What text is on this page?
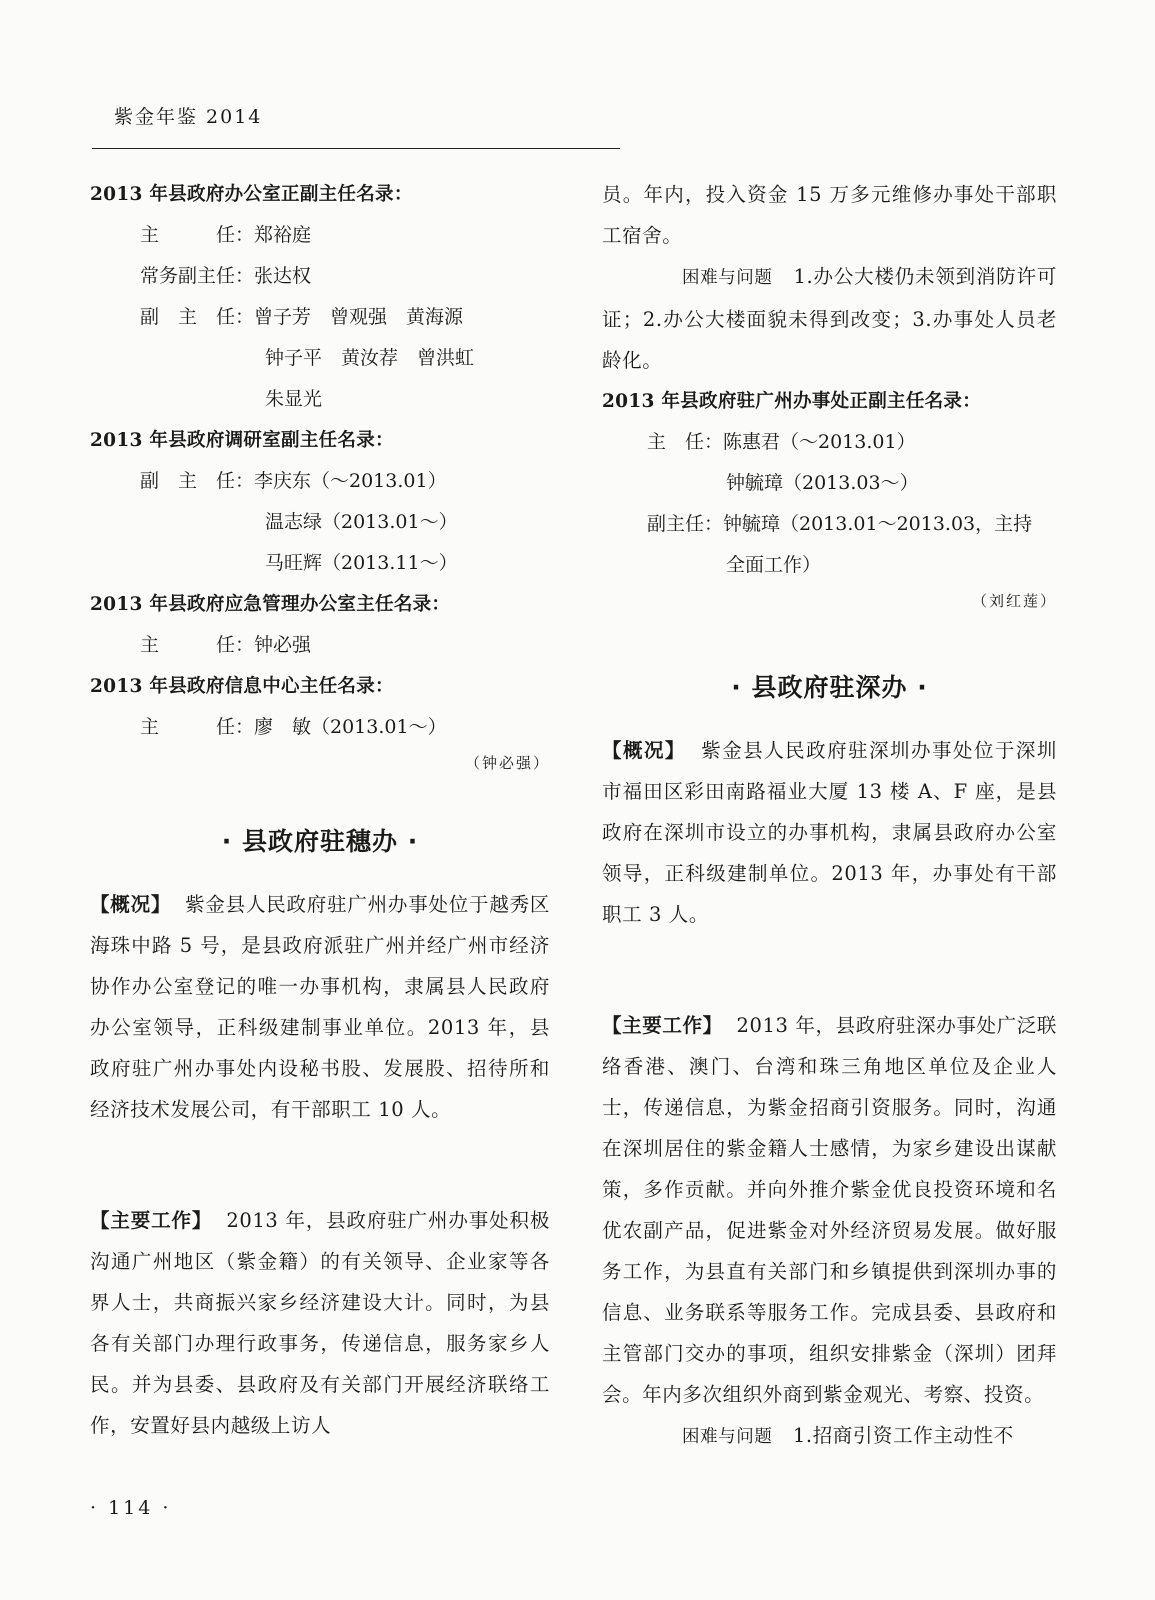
紫金年鉴 2014
2013 年县政府办公室正副主任名录：
主　　　任：郑裕庭
常务副主任：张达权
副　主　任：曾子芳　曾观强　黄海源
钟子平　黄汝荐　曾洪虹
朱显光
2013 年县政府调研室副主任名录：
副　主　任：李庆东（～2013.01）
温志绿（2013.01～）
马旺辉（2013.11～）
2013 年县政府应急管理办公室主任名录：
主　　　任：钟必强
2013 年县政府信息中心主任名录：
主　　　任：廖　敏（2013.01～）
（钟必强）
· 县政府驻穗办 ·

【概况】 紫金县人民政府驻广州办事处位于越秀区海珠中路 5 号，是县政府派驻广州并经广州市经济协作办公室登记的唯一办事机构，隶属县人民政府办公室领导，正科级建制事业单位。2013 年，县政府驻广州办事处内设秘书股、发展股、招待所和经济技术发展公司，有干部职工 10 人。

【主要工作】 2013 年，县政府驻广州办事处积极沟通广州地区（紫金籍）的有关领导、企业家等各界人士，共商振兴家乡经济建设大计。同时，为县各有关部门办理行政事务，传递信息，服务家乡人民。并为县委、县政府及有关部门开展经济联络工作，安置好县内越级上访人

员。年内，投入资金 15 万多元维修办事处干部职工宿舍。

困难与问题 1.办公大楼仍未领到消防许可证；2.办公大楼面貌未得到改变；3.办事处人员老龄化。

2013 年县政府驻广州办事处正副主任名录：
主　任：陈惠君（～2013.01）
钟毓璋（2013.03～）
副主任：钟毓璋（2013.01～2013.03，主持
全面工作）
（刘红莲）
· 县政府驻深办 ·

【概况】 紫金县人民政府驻深圳办事处位于深圳市福田区彩田南路福业大厦 13 楼 A、F 座，是县政府在深圳市设立的办事机构，隶属县政府办公室领导，正科级建制单位。2013 年，办事处有干部职工 3 人。

【主要工作】 2013 年，县政府驻深办事处广泛联络香港、澳门、台湾和珠三角地区单位及企业人士，传递信息，为紫金招商引资服务。同时，沟通在深圳居住的紫金籍人士感情，为家乡建设出谋献策，多作贡献。并向外推介紫金优良投资环境和名优农副产品，促进紫金对外经济贸易发展。做好服务工作，为县直有关部门和乡镇提供到深圳办事的信息、业务联系等服务工作。完成县委、县政府和主管部门交办的事项，组织安排紫金（深圳）团拜会。年内多次组织外商到紫金观光、考察、投资。

困难与问题 1.招商引资工作主动性不

· 114 ·
